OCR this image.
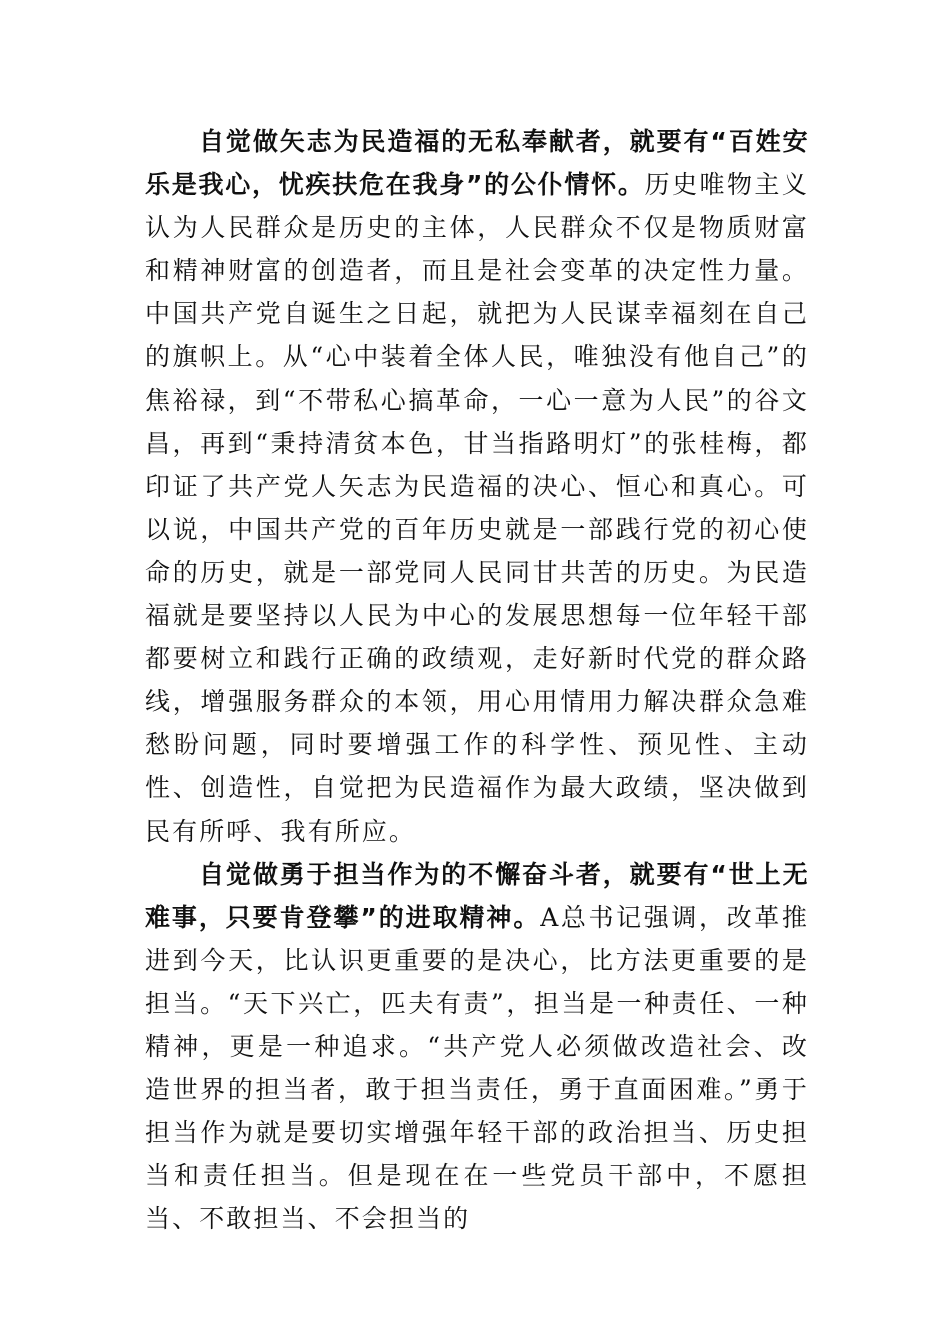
自觉做矢志为民造福的无私奉献者，就要有“百姓安乐是我心，忧疾扶危在我身”的公仆情怀。历史唯物主义认为人民群众是历史的主体，人民群众不仅是物质财富和精神财富的创造者，而且是社会变革的决定性力量。中国共产党自诞生之日起，就把为人民谋幸福刻在自己的旗帜上。从“心中装着全体人民，唯独没有他自己”的焦裕禄，到“不带私心搞革命，一心一意为人民”的谷文昌，再到“秉持清贫本色，甘当指路明灯”的张桂梅，都印证了共产党人矢志为民造福的决心、恒心和真心。可以说，中国共产党的百年历史就是一部践行党的初心使命的历史，就是一部党同人民同甘共苦的历史。为民造福就是要坚持以人民为中心的发展思想每一位年轻干部都要树立和践行正确的政绩观，走好新时代党的群众路线，增强服务群众的本领，用心用情用力解决群众急难愁盼问题，同时要增强工作的科学性、预见性、主动性、创造性，自觉把为民造福作为最大政绩，坚决做到民有所呼、我有所应。

自觉做勇于担当作为的不懈奋斗者，就要有“世上无难事，只要肯登攀”的进取精神。A总书记强调，改革推进到今天，比认识更重要的是决心，比方法更重要的是担当。“天下兴亡，匹夫有责”，担当是一种责任、一种精神，更是一种追求。“共产党人必须做改造社会、改造世界的担当者，敢于担当责任，勇于直面困难。”勇于担当作为就是要切实增强年轻干部的政治担当、历史担当和责任担当。但是现在在一些党员干部中，不愿担当、不敢担当、不会担当的
